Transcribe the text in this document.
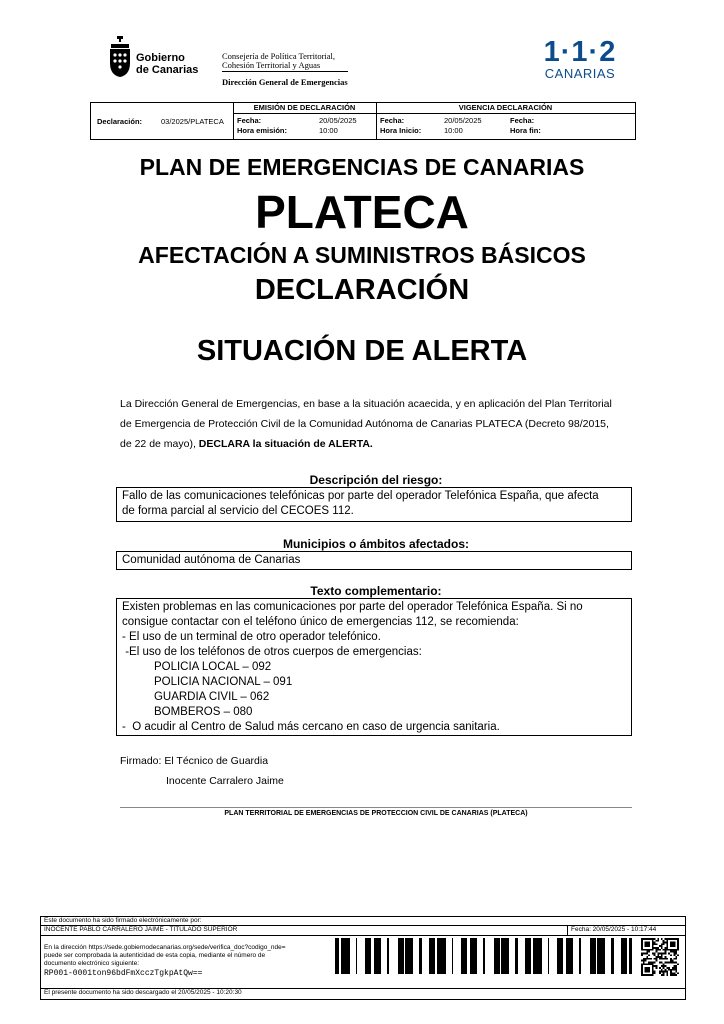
Gobierno
de Canarias
Consejería de Política Territorial,
Cohesión Territorial y Aguas
Dirección General de Emergencias
1·1·2
CANARIAS
Declaración:	03/2025/PLATECA
EMISIÓN DE DECLARACIÓN
Fecha:	20/05/2025
Hora emisión:	10:00
VIGENCIA DECLARACIÓN
Fecha:	20/05/2025
Hora Inicio:	10:00
Fecha:
Hora fin:
PLAN DE EMERGENCIAS DE CANARIAS
PLATECA
AFECTACIÓN A SUMINISTROS BÁSICOS
DECLARACIÓN
SITUACIÓN DE ALERTA
La Dirección General de Emergencias, en base a la situación acaecida, y en aplicación del Plan Territorial
de Emergencia de Protección Civil de la Comunidad Autónoma de Canarias PLATECA (Decreto 98/2015,
de 22 de mayo), DECLARA la situación de ALERTA.
Descripción del riesgo:
Fallo de las comunicaciones telefónicas por parte del operador Telefónica España, que afecta
de forma parcial al servicio del CECOES 112.
Municipios o ámbitos afectados:
Comunidad autónoma de Canarias
Texto complementario:
Existen problemas en las comunicaciones por parte del operador Telefónica España. Si no
consigue contactar con el teléfono único de emergencias 112, se recomienda:
- El uso de un terminal de otro operador telefónico.
-El uso de los teléfonos de otros cuerpos de emergencias:
POLICIA LOCAL – 092
POLICIA NACIONAL – 091
GUARDIA CIVIL – 062
BOMBEROS – 080
-  O acudir al Centro de Salud más cercano en caso de urgencia sanitaria.
Firmado: El Técnico de Guardia
Inocente Carralero Jaime
PLAN TERRITORIAL DE EMERGENCIAS DE PROTECCION CIVIL DE CANARIAS (PLATECA)
Este documento ha sido firmado electrónicamente por:
INOCENTE PABLO CARRALERO JAIME - TITULADO SUPERIOR	Fecha: 20/05/2025 - 10:17:44
En la dirección https://sede.gobiernodecanarias.org/sede/verifica_doc?codigo_nde=
puede ser comprobada la autenticidad de esta copia, mediante el número de
documento electrónico siguiente:
RP001-0001ton96bdFmXcczTgkpAtQw==
El presente documento ha sido descargado el 20/05/2025 - 10:20:30
